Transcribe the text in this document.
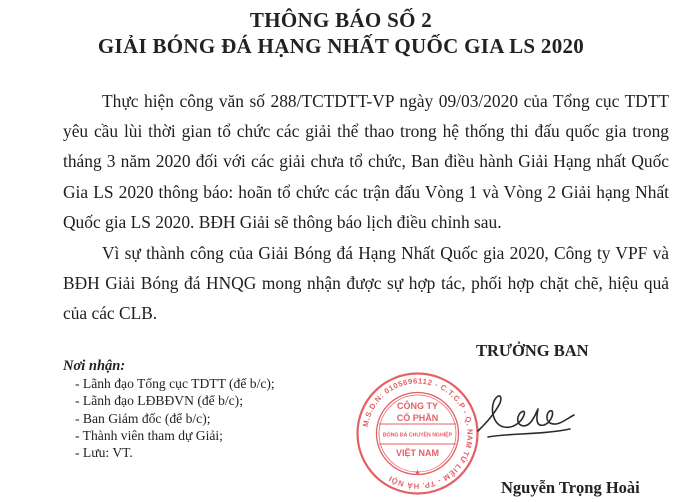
THÔNG BÁO SỐ 2
GIẢI BÓNG ĐÁ HẠNG NHẤT QUỐC GIA LS 2020
Thực hiện công văn số 288/TCTDTT-VP ngày 09/03/2020 của Tổng cục TDTT yêu cầu lùi thời gian tổ chức các giải thể thao trong hệ thống thi đấu quốc gia trong tháng 3 năm 2020 đối với các giải chưa tổ chức, Ban điều hành Giải Hạng nhất Quốc Gia LS 2020 thông báo: hoãn tổ chức các trận đấu Vòng 1 và Vòng 2 Giải hạng Nhất Quốc gia LS 2020. BĐH Giải sẽ thông báo lịch điều chỉnh sau.
Vì sự thành công của Giải Bóng đá Hạng Nhất Quốc gia 2020, Công ty VPF và BĐH Giải Bóng đá HNQG mong nhận được sự hợp tác, phối hợp chặt chẽ, hiệu quả của các CLB.
Nơi nhận:
- Lãnh đạo Tổng cục TDTT (để b/c);
- Lãnh đạo LĐBĐVN (để b/c);
- Ban Giám đốc (để b/c);
- Thành viên tham dự Giải;
- Lưu: VT.
TRƯỞNG BAN
M.S.D.N: 0105696112 - C.T.C.P - Q. NAM TỪ LIÊM - TP. HÀ NỘI
CÔNG TY
CỔ PHẦN
BÓNG ĐÁ CHUYÊN NGHIỆP
VIỆT NAM
★
Nguyễn Trọng Hoài
